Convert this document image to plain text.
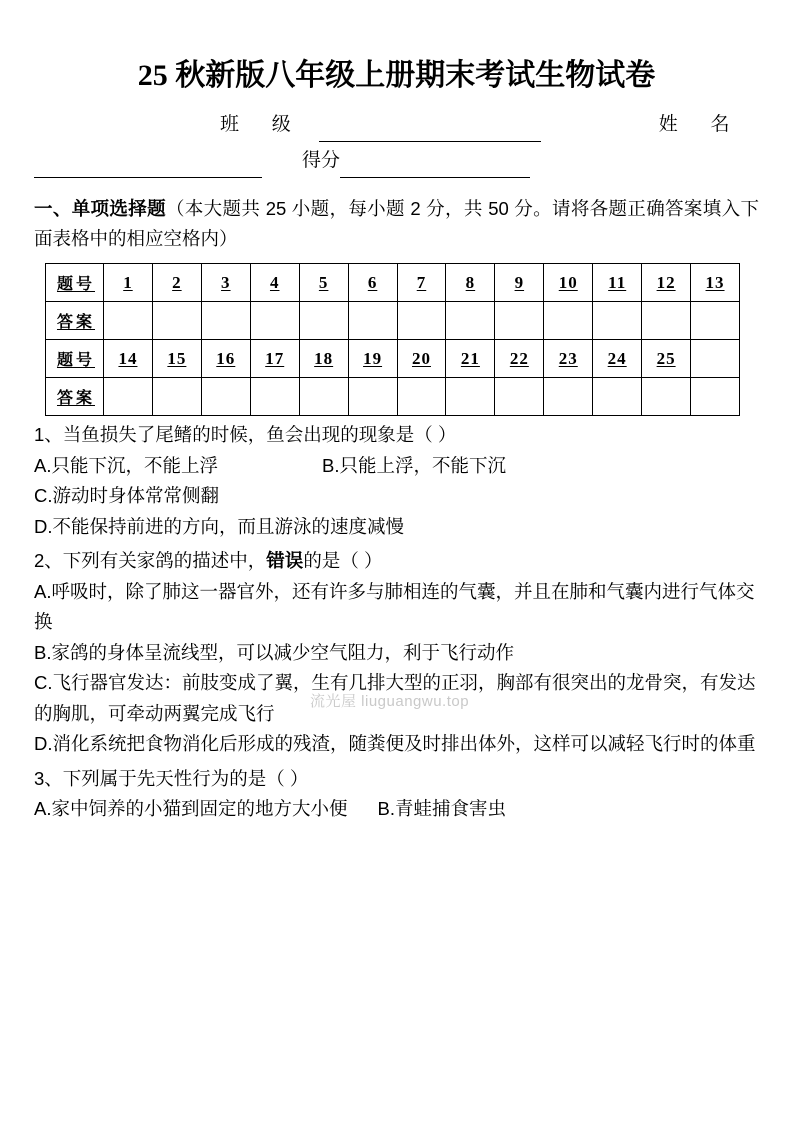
25 秋新版八年级上册期末考试生物试卷
班 级	姓 名
得分
一、单项选择题（本大题共 25 小题，每小题 2 分，共 50 分。请将各题正确答案填入下面表格中的相应空格内）
题号	1	2	3	4	5	6	7	8	9	10	11	12	13
答案													
题号	14	15	16	17	18	19	20	21	22	23	24	25	
答案													
1、当鱼损失了尾鳍的时候，鱼会出现的现象是（ ）
A.只能下沉，不能上浮	B.只能上浮，不能下沉
C.游动时身体常常侧翻
D.不能保持前进的方向，而且游泳的速度减慢
2、下列有关家鸽的描述中，错误的是（ ）
A.呼吸时，除了肺这一器官外，还有许多与肺相连的气囊，并且在肺和气囊内进行气体交换
B.家鸽的身体呈流线型，可以减少空气阻力，利于飞行动作
C.飞行器官发达：前肢变成了翼，生有几排大型的正羽，胸部有很突出的龙骨突，有发达的胸肌，可牵动两翼完成飞行
D.消化系统把食物消化后形成的残渣，随粪便及时排出体外，这样可以减轻飞行时的体重
3、下列属于先天性行为的是（ ）
A.家中饲养的小猫到固定的地方大小便 B.青蛙捕食害虫
流光屋 liuguangwu.top
